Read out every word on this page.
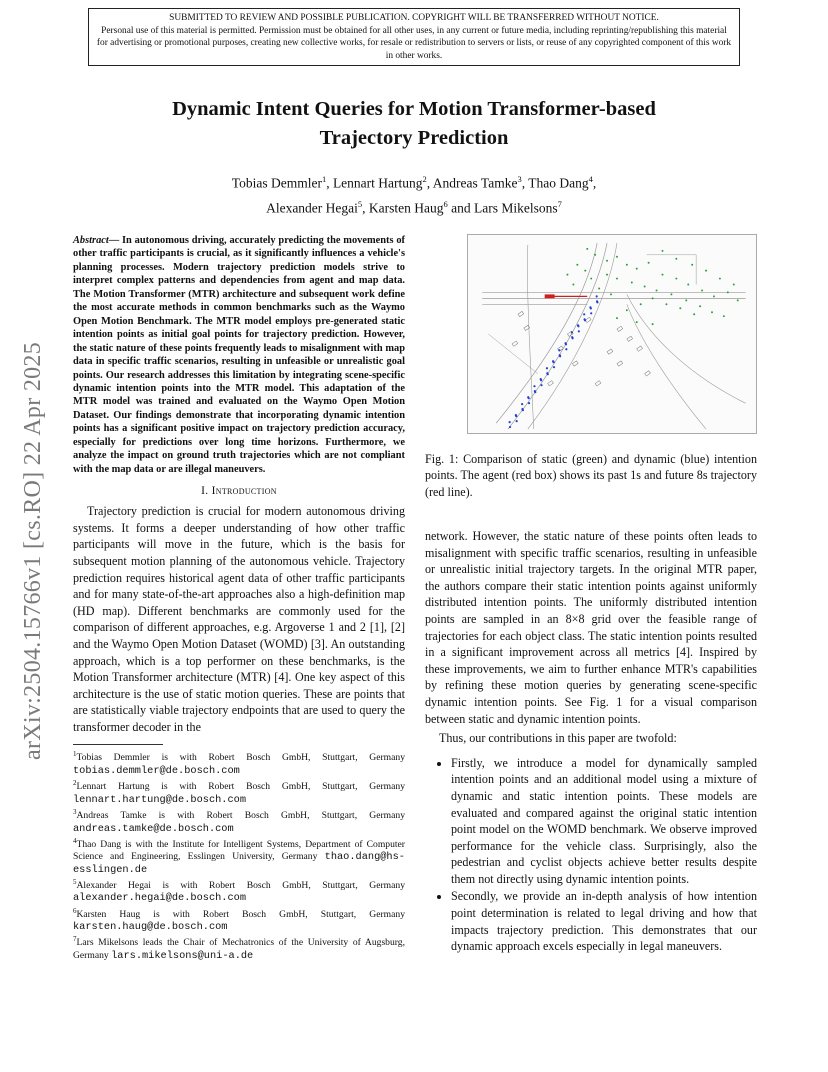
SUBMITTED TO REVIEW AND POSSIBLE PUBLICATION. COPYRIGHT WILL BE TRANSFERRED WITHOUT NOTICE.
Personal use of this material is permitted. Permission must be obtained for all other uses, in any current or future media, including reprinting/republishing this material for advertising or promotional purposes, creating new collective works, for resale or redistribution to servers or lists, or reuse of any copyrighted component of this work in other works.
arXiv:2504.15766v1 [cs.RO] 22 Apr 2025
Dynamic Intent Queries for Motion Transformer-based
Trajectory Prediction
Tobias Demmler$^1$, Lennart Hartung$^2$, Andreas Tamke$^3$, Thao Dang$^4$,
Alexander Hegai$^5$, Karsten Haug$^6$ and Lars Mikelsons$^7$

Abstract— In autonomous driving, accurately predicting the movements of other traffic participants is crucial, as it significantly influences a vehicle's planning processes. Modern trajectory prediction models strive to interpret complex patterns and dependencies from agent and map data. The Motion Transformer (MTR) architecture and subsequent work define the most accurate methods in common benchmarks such as the Waymo Open Motion Benchmark. The MTR model employs pre-generated static intention points as initial goal points for trajectory prediction. However, the static nature of these points frequently leads to misalignment with map data in specific traffic scenarios, resulting in unfeasible or unrealistic goal points. Our research addresses this limitation by integrating scene-specific dynamic intention points into the MTR model. This adaptation of the MTR model was trained and evaluated on the Waymo Open Motion Dataset. Our findings demonstrate that incorporating dynamic intention points has a significant positive impact on trajectory prediction accuracy, especially for predictions over long time horizons. Furthermore, we analyze the impact on ground truth trajectories which are not compliant with the map data or are illegal maneuvers.

I. Introduction

Trajectory prediction is crucial for modern autonomous driving systems. It forms a deeper understanding of how other traffic participants will move in the future, which is the basis for subsequent motion planning of the autonomous vehicle. Trajectory prediction requires historical agent data of other traffic participants and for many state-of-the-art approaches also a high-definition map (HD map). Different benchmarks are commonly used for the comparison of different approaches, e.g. Argoverse 1 and 2 [1], [2] and the Waymo Open Motion Dataset (WOMD) [3]. An outstanding approach, which is a top performer on these benchmarks, is the Motion Transformer architecture (MTR) [4]. One key aspect of this architecture is the use of static motion queries. These are points that are statistically viable trajectory endpoints that are used to query the transformer decoder in the

$^1$Tobias Demmler is with Robert Bosch GmbH, Stuttgart, Germany tobias.demmler@de.bosch.com

$^2$Lennart Hartung is with Robert Bosch GmbH, Stuttgart, Germany lennart.hartung@de.bosch.com

$^3$Andreas Tamke is with Robert Bosch GmbH, Stuttgart, Germany andreas.tamke@de.bosch.com

$^4$Thao Dang is with the Institute for Intelligent Systems, Department of Computer Science and Engineering, Esslingen University, Germany thao.dang@hs-esslingen.de

$^5$Alexander Hegai is with Robert Bosch GmbH, Stuttgart, Germany alexander.hegai@de.bosch.com

$^6$Karsten Haug is with Robert Bosch GmbH, Stuttgart, Germany karsten.haug@de.bosch.com

$^7$Lars Mikelsons leads the Chair of Mechatronics of the University of Augsburg, Germany lars.mikelsons@uni-a.de

Fig. 1: Comparison of static (green) and dynamic (blue) intention points. The agent (red box) shows its past 1s and future 8s trajectory (red line).

network. However, the static nature of these points often leads to misalignment with specific traffic scenarios, resulting in unfeasible or unrealistic initial trajectory targets. In the original MTR paper, the authors compare their static intention points against uniformly distributed intention points. The uniformly distributed intention points are sampled in an 8×8 grid over the feasible range of trajectories for each object class. The static intention points resulted in a significant improvement across all metrics [4]. Inspired by these improvements, we aim to further enhance MTR's capabilities by refining these motion queries by generating scene-specific dynamic intention points. See Fig. 1 for a visual comparison between static and dynamic intention points.

Thus, our contributions in this paper are twofold:

• Firstly, we introduce a model for dynamically sampled intention points and an additional model using a mixture of dynamic and static intention points. These models are evaluated and compared against the original static intention point model on the WOMD benchmark. We observe improved performance for the vehicle class. Surprisingly, also the pedestrian and cyclist objects achieve better results despite them not directly using dynamic intention points.
• Secondly, we provide an in-depth analysis of how intention point determination is related to legal driving and how that impacts trajectory prediction. This demonstrates that our dynamic approach excels especially in legal maneuvers.
